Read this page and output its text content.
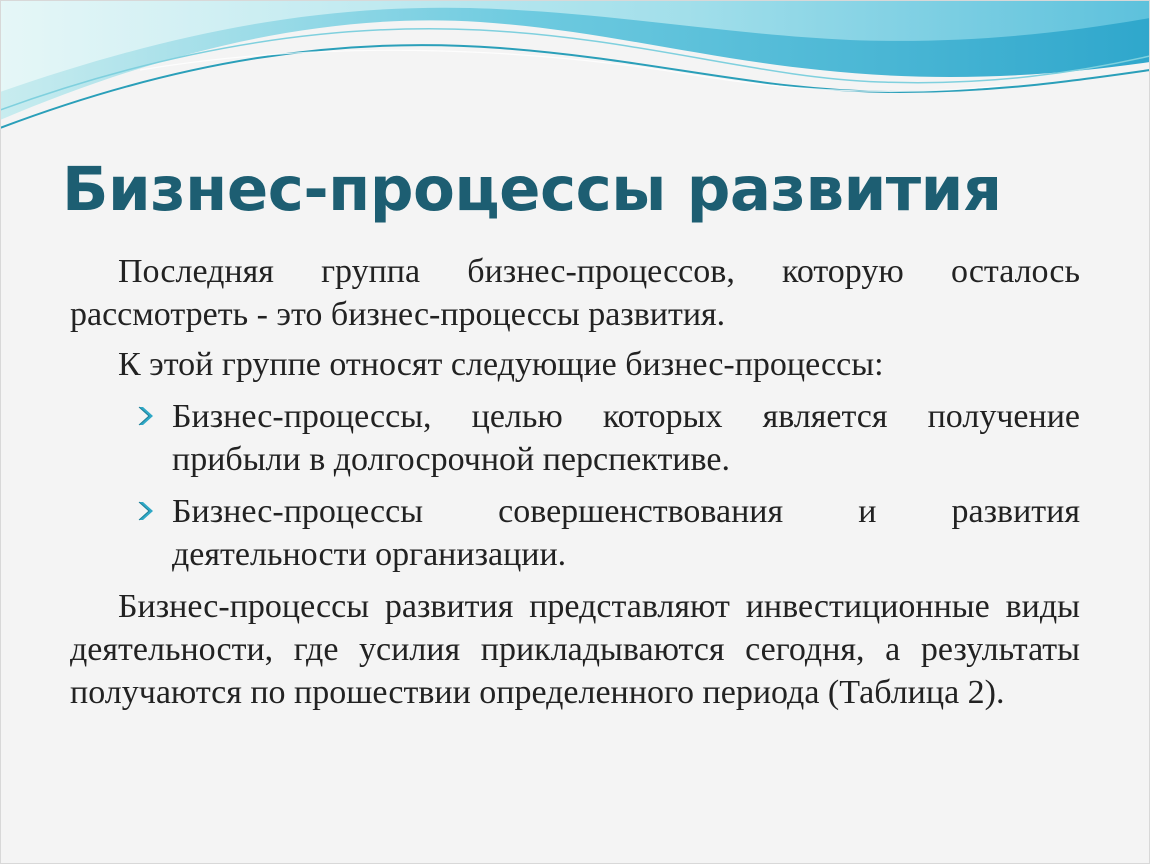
Бизнес-процессы развития

Последняя группа бизнес-процессов, которую осталось рассмотреть - это бизнес-процессы развития.

К этой группе относят следующие бизнес-процессы:

Бизнес-процессы, целью которых является получение прибыли в долгосрочной перспективе.
Бизнес-процессы совершенствования и развития деятельности организации.

Бизнес-процессы развития представляют инвестиционные виды деятельности, где усилия прикладываются сегодня, а результаты получаются по прошествии определенного периода (Таблица 2).
